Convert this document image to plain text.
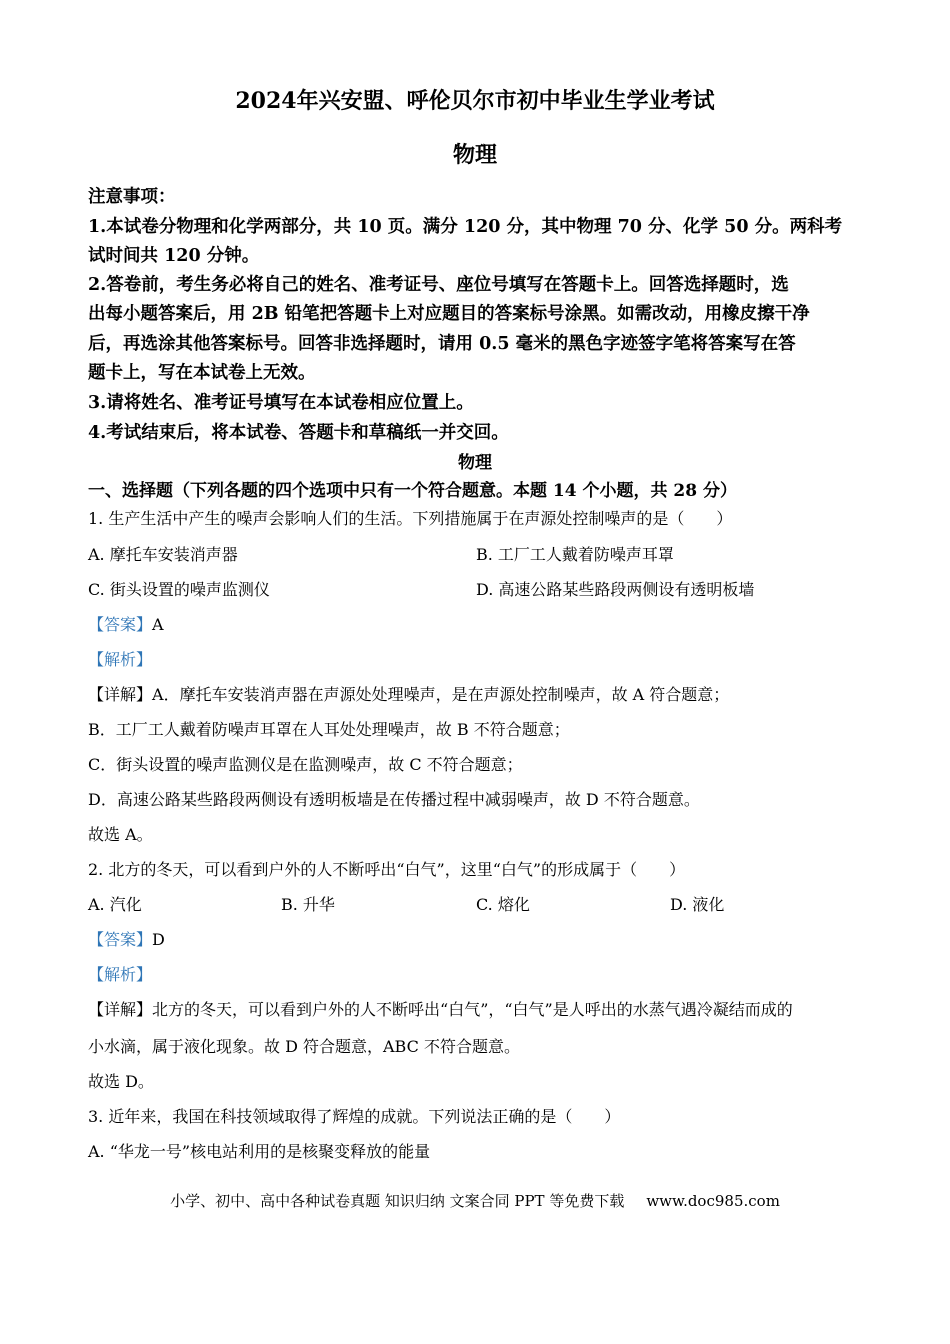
2024年兴安盟、呼伦贝尔市初中毕业生学业考试
物理
注意事项：
1.本试卷分物理和化学两部分，共 10 页。满分 120 分，其中物理 70 分、化学 50 分。两科考
试时间共 120 分钟。
2.答卷前，考生务必将自己的姓名、准考证号、座位号填写在答题卡上。回答选择题时，选
出每小题答案后，用 2B 铅笔把答题卡上对应题目的答案标号涂黑。如需改动，用橡皮擦干净
后，再选涂其他答案标号。回答非选择题时，请用 0.5 毫米的黑色字迹签字笔将答案写在答
题卡上，写在本试卷上无效。
3.请将姓名、准考证号填写在本试卷相应位置上。
4.考试结束后，将本试卷、答题卡和草稿纸一并交回。
物理
一、选择题（下列各题的四个选项中只有一个符合题意。本题 14 个小题，共 28 分）
1. 生产生活中产生的噪声会影响人们的生活。下列措施属于在声源处控制噪声的是（　　）
A. 摩托车安装消声器	B. 工厂工人戴着防噪声耳罩
C. 街头设置的噪声监测仪	D. 高速公路某些路段两侧设有透明板墙
【答案】A
【解析】
【详解】A．摩托车安装消声器在声源处处理噪声，是在声源处控制噪声，故 A 符合题意；
B．工厂工人戴着防噪声耳罩在人耳处处理噪声，故 B 不符合题意；
C．街头设置的噪声监测仪是在监测噪声，故 C 不符合题意；
D．高速公路某些路段两侧设有透明板墙是在传播过程中减弱噪声，故 D 不符合题意。
故选 A。
2. 北方的冬天，可以看到户外的人不断呼出“白气”，这里“白气”的形成属于（　　）
A. 汽化	B. 升华	C. 熔化	D. 液化
【答案】D
【解析】
【详解】北方的冬天，可以看到户外的人不断呼出“白气”，“白气”是人呼出的水蒸气遇冷凝结而成的
小水滴，属于液化现象。故 D 符合题意，ABC 不符合题意。
故选 D。
3. 近年来，我国在科技领域取得了辉煌的成就。下列说法正确的是（　　）
A. “华龙一号”核电站利用的是核聚变释放的能量
小学、初中、高中各种试卷真题 知识归纳 文案合同 PPT 等免费下载 www.doc985.com
